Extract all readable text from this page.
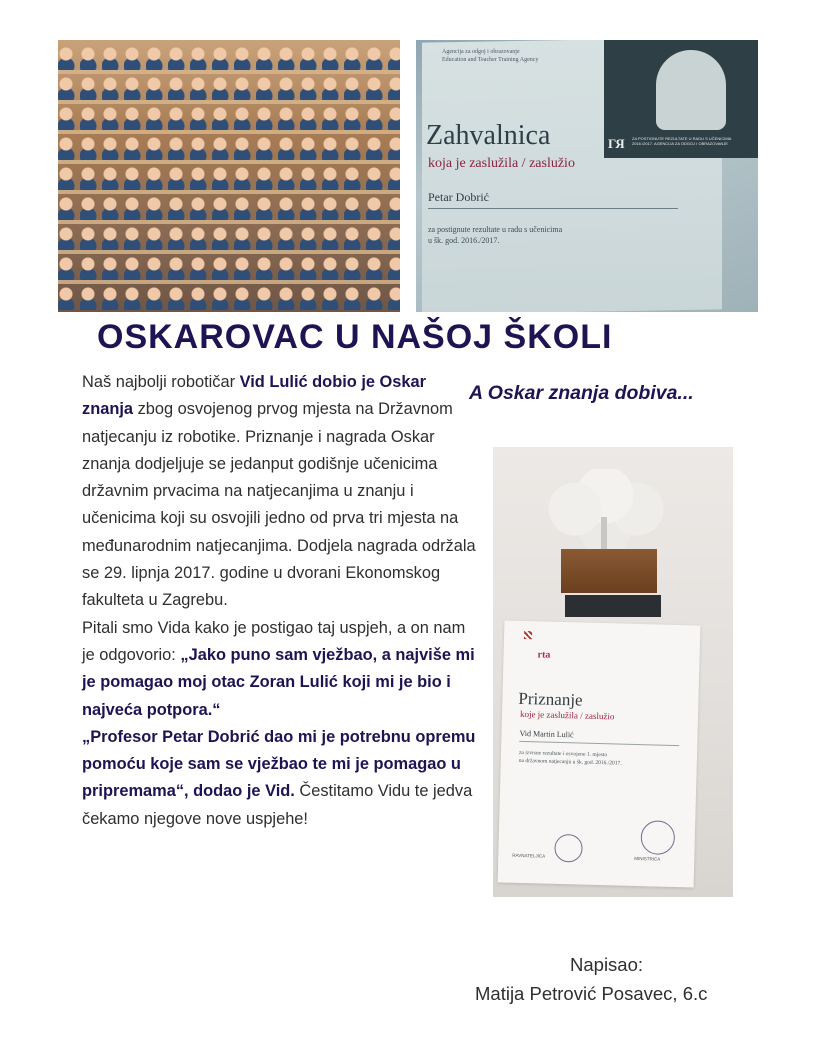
Agencija za odgoj i obrazovanje
Education and Teacher Training Agency
Zahvalnica
koja je zaslužila / zaslužio
Petar Dobrić
za postignute rezultate u radu s učenicima
u šk. god. 2016./2017.
ГЯ ZA POSTIGNUTE REZULTATE U RADU S UČENICIMA 2016./2017. AGENCIJA ZA ODGOJ I OBRAZOVANJE
OSKAROVAC U NAŠOJ ŠKOLI

Naš najbolji robotičar Vid Lulić dobio je Oskar znanja zbog osvojenog prvog mjesta na Državnom natjecanju iz robotike. Priznanje i nagrada Oskar znanja dodjeljuje se jedanput godišnje učenicima državnim prvacima na natjecanjima u znanju i učenicima koji su osvojili jedno od prva tri mjesta na međunarodnim natjecanjima. Dodjela nagrada održala se 29. lipnja 2017. godine u dvorani Ekonomskog fakulteta u Zagrebu.

Pitali smo Vida kako je postigao taj uspjeh, a on nam je odgovorio: „Jako puno sam vježbao, a najviše mi je pomagao moj otac Zoran Lulić koji mi je bio i najveća potpora.“

„Profesor Petar Dobrić dao mi je potrebnu opremu pomoću koje sam se vježbao te mi je pomagao u pripremama“, dodao je Vid. Čestitamo Vidu te jedva čekamo njegove nove uspjehe!

A Oskar znanja dobiva...
rta
Priznanje
koje je zaslužila / zaslužio
Vid Martin Lulić
za izvrsne rezultate i osvojeno 1. mjesto
na državnom natjecanju u šk. god. 2016./2017.
RAVNATELJICA
MINISTRICA
Napisao:
Matija Petrović Posavec, 6.c
